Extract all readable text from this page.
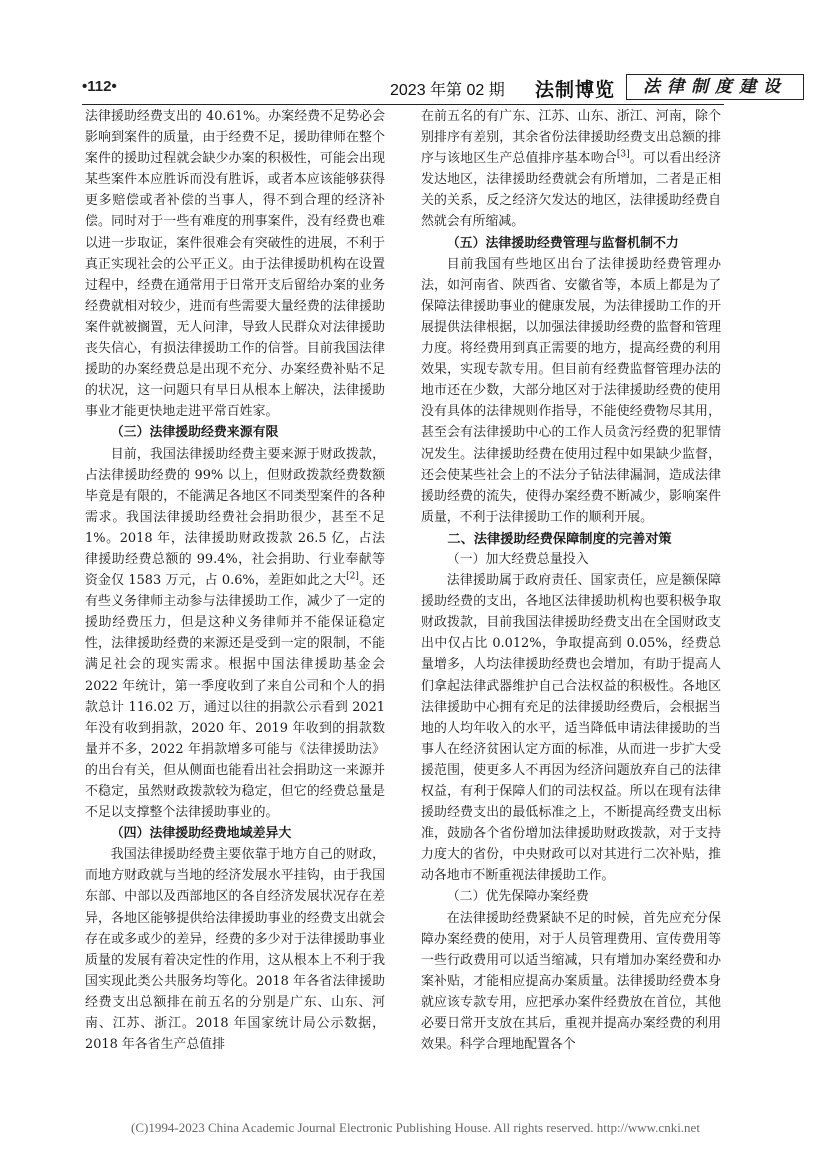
•112•	2023 年第 02 期 法制博览	法律制度建设

法律援助经费支出的 40.61%。办案经费不足势必会影响到案件的质量，由于经费不足，援助律师在整个案件的援助过程就会缺少办案的积极性，可能会出现某些案件本应胜诉而没有胜诉，或者本应该能够获得更多赔偿或者补偿的当事人，得不到合理的经济补偿。同时对于一些有难度的刑事案件，没有经费也难以进一步取证，案件很难会有突破性的进展，不利于真正实现社会的公平正义。由于法律援助机构在设置过程中，经费在通常用于日常开支后留给办案的业务经费就相对较少，进而有些需要大量经费的法律援助案件就被搁置，无人问津，导致人民群众对法律援助丧失信心，有损法律援助工作的信誉。目前我国法律援助的办案经费总是出现不充分、办案经费补贴不足的状况，这一问题只有早日从根本上解决，法律援助事业才能更快地走进平常百姓家。

（三）法律援助经费来源有限

目前，我国法律援助经费主要来源于财政拨款，占法律援助经费的 99% 以上，但财政拨款经费数额毕竟是有限的，不能满足各地区不同类型案件的各种需求。我国法律援助经费社会捐助很少，甚至不足 1%。2018 年，法律援助财政拨款 26.5 亿，占法律援助经费总额的 99.4%，社会捐助、行业奉献等资金仅 1583 万元，占 0.6%，差距如此之大[2]。还有些义务律师主动参与法律援助工作，减少了一定的援助经费压力，但是这种义务律师并不能保证稳定性，法律援助经费的来源还是受到一定的限制，不能满足社会的现实需求。根据中国法律援助基金会 2022 年统计，第一季度收到了来自公司和个人的捐款总计 116.02 万，通过以往的捐款公示看到 2021 年没有收到捐款，2020 年、2019 年收到的捐款数量并不多，2022 年捐款增多可能与《法律援助法》的出台有关，但从侧面也能看出社会捐助这一来源并不稳定，虽然财政拨款较为稳定，但它的经费总量是不足以支撑整个法律援助事业的。

（四）法律援助经费地域差异大

我国法律援助经费主要依靠于地方自己的财政，而地方财政就与当地的经济发展水平挂钩，由于我国东部、中部以及西部地区的各自经济发展状况存在差异，各地区能够提供给法律援助事业的经费支出就会存在或多或少的差异，经费的多少对于法律援助事业质量的发展有着决定性的作用，这从根本上不利于我国实现此类公共服务均等化。2018 年各省法律援助经费支出总额排在前五名的分别是广东、山东、河南、江苏、浙江。2018 年国家统计局公示数据，2018 年各省生产总值排

在前五名的有广东、江苏、山东、浙江、河南，除个别排序有差别，其余省份法律援助经费支出总额的排序与该地区生产总值排序基本吻合[3]。可以看出经济发达地区，法律援助经费就会有所增加，二者是正相关的关系，反之经济欠发达的地区，法律援助经费自然就会有所缩减。

（五）法律援助经费管理与监督机制不力

目前我国有些地区出台了法律援助经费管理办法，如河南省、陕西省、安徽省等，本质上都是为了保障法律援助事业的健康发展，为法律援助工作的开展提供法律根据，以加强法律援助经费的监督和管理力度。将经费用到真正需要的地方，提高经费的利用效果，实现专款专用。但目前有经费监督管理办法的地市还在少数，大部分地区对于法律援助经费的使用没有具体的法律规则作指导，不能使经费物尽其用，甚至会有法律援助中心的工作人员贪污经费的犯罪情况发生。法律援助经费在使用过程中如果缺少监督，还会使某些社会上的不法分子钻法律漏洞，造成法律援助经费的流失，使得办案经费不断减少，影响案件质量，不利于法律援助工作的顺利开展。

二、法律援助经费保障制度的完善对策
（一）加大经费总量投入

法律援助属于政府责任、国家责任，应是额保障援助经费的支出，各地区法律援助机构也要积极争取财政拨款，目前我国法律援助经费支出在全国财政支出中仅占比 0.012%，争取提高到 0.05%，经费总量增多，人均法律援助经费也会增加，有助于提高人们拿起法律武器维护自己合法权益的积极性。各地区法律援助中心拥有充足的法律援助经费后，会根据当地的人均年收入的水平，适当降低申请法律援助的当事人在经济贫困认定方面的标准，从而进一步扩大受援范围，使更多人不再因为经济问题放弃自己的法律权益，有利于保障人们的司法权益。所以在现有法律援助经费支出的最低标准之上，不断提高经费支出标准，鼓励各个省份增加法律援助财政拨款，对于支持力度大的省份，中央财政可以对其进行二次补贴，推动各地市不断重视法律援助工作。

（二）优先保障办案经费

在法律援助经费紧缺不足的时候，首先应充分保障办案经费的使用，对于人员管理费用、宣传费用等一些行政费用可以适当缩减，只有增加办案经费和办案补贴，才能相应提高办案质量。法律援助经费本身就应该专款专用，应把承办案件经费放在首位，其他必要日常开支放在其后，重视并提高办案经费的利用效果。科学合理地配置各个

(C)1994-2023 China Academic Journal Electronic Publishing House. All rights reserved. http://www.cnki.net
